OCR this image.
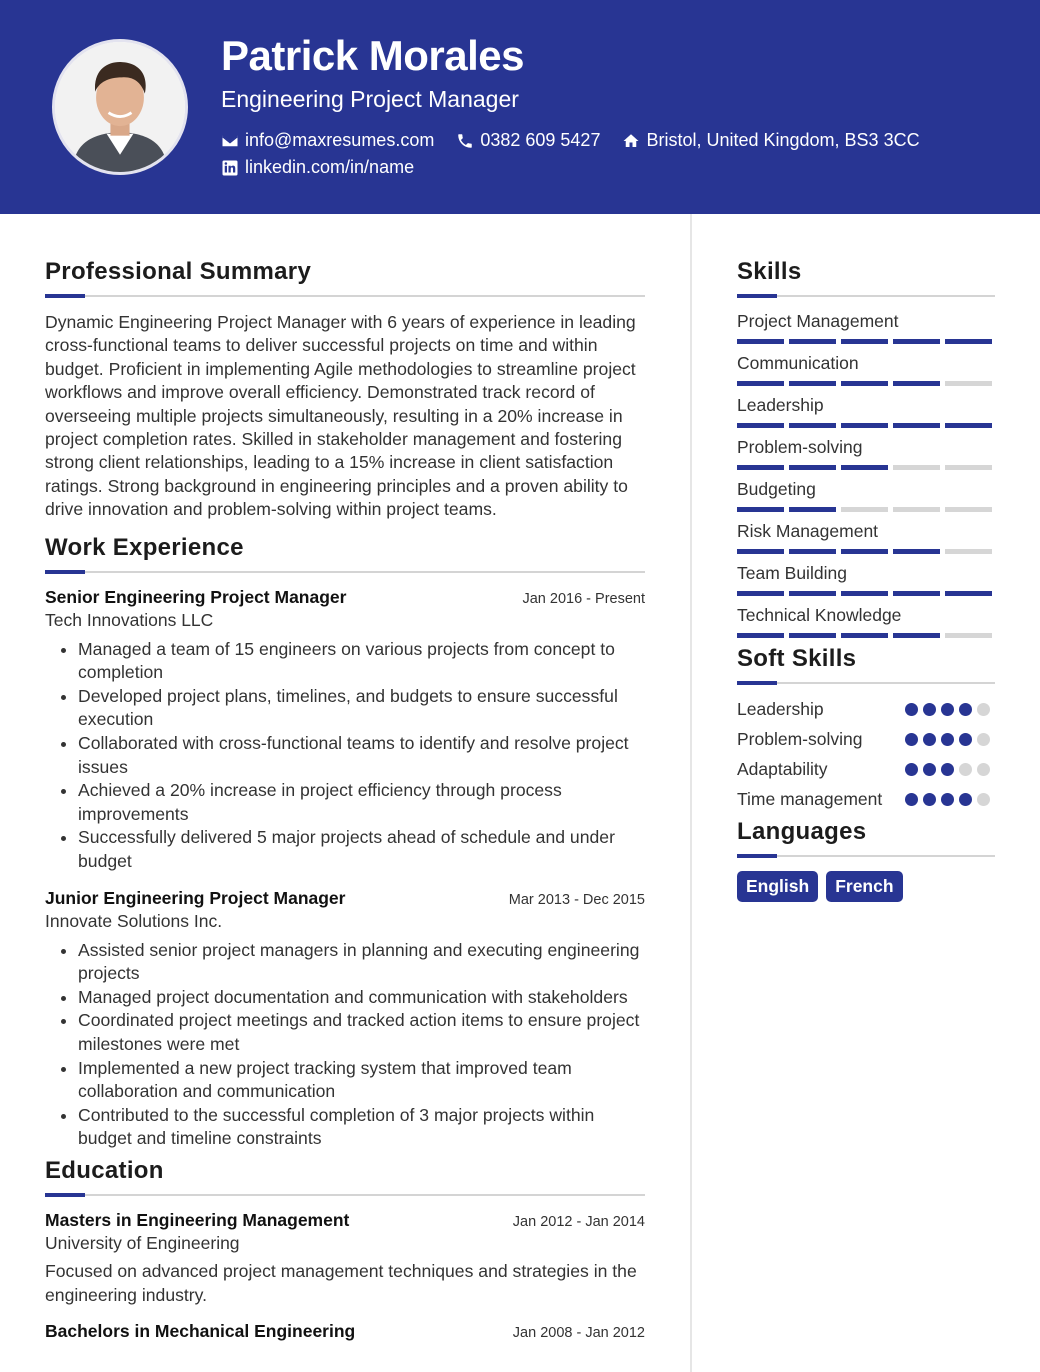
Patrick Morales
Engineering Project Manager
info@maxresumes.com	0382 609 5427	Bristol, United Kingdom, BS3 3CC
linkedin.com/in/name
Professional Summary
Dynamic Engineering Project Manager with 6 years of experience in leading cross-functional teams to deliver successful projects on time and within budget. Proficient in implementing Agile methodologies to streamline project workflows and improve overall efficiency. Demonstrated track record of overseeing multiple projects simultaneously, resulting in a 20% increase in project completion rates. Skilled in stakeholder management and fostering strong client relationships, leading to a 15% increase in client satisfaction ratings. Strong background in engineering principles and a proven ability to drive innovation and problem-solving within project teams.
Work Experience
Senior Engineering Project Manager	Jan 2016 - Present
Tech Innovations LLC
• Managed a team of 15 engineers on various projects from concept to completion
• Developed project plans, timelines, and budgets to ensure successful execution
• Collaborated with cross-functional teams to identify and resolve project issues
• Achieved a 20% increase in project efficiency through process improvements
• Successfully delivered 5 major projects ahead of schedule and under budget
Junior Engineering Project Manager	Mar 2013 - Dec 2015
Innovate Solutions Inc.
• Assisted senior project managers in planning and executing engineering projects
• Managed project documentation and communication with stakeholders
• Coordinated project meetings and tracked action items to ensure project milestones were met
• Implemented a new project tracking system that improved team collaboration and communication
• Contributed to the successful completion of 3 major projects within budget and timeline constraints
Education
Masters in Engineering Management	Jan 2012 - Jan 2014
University of Engineering
Focused on advanced project management techniques and strategies in the engineering industry.
Bachelors in Mechanical Engineering	Jan 2008 - Jan 2012
Skills
Project Management
Communication
Leadership
Problem-solving
Budgeting
Risk Management
Team Building
Technical Knowledge
Soft Skills
Leadership
Problem-solving
Adaptability
Time management
Languages
English	French
